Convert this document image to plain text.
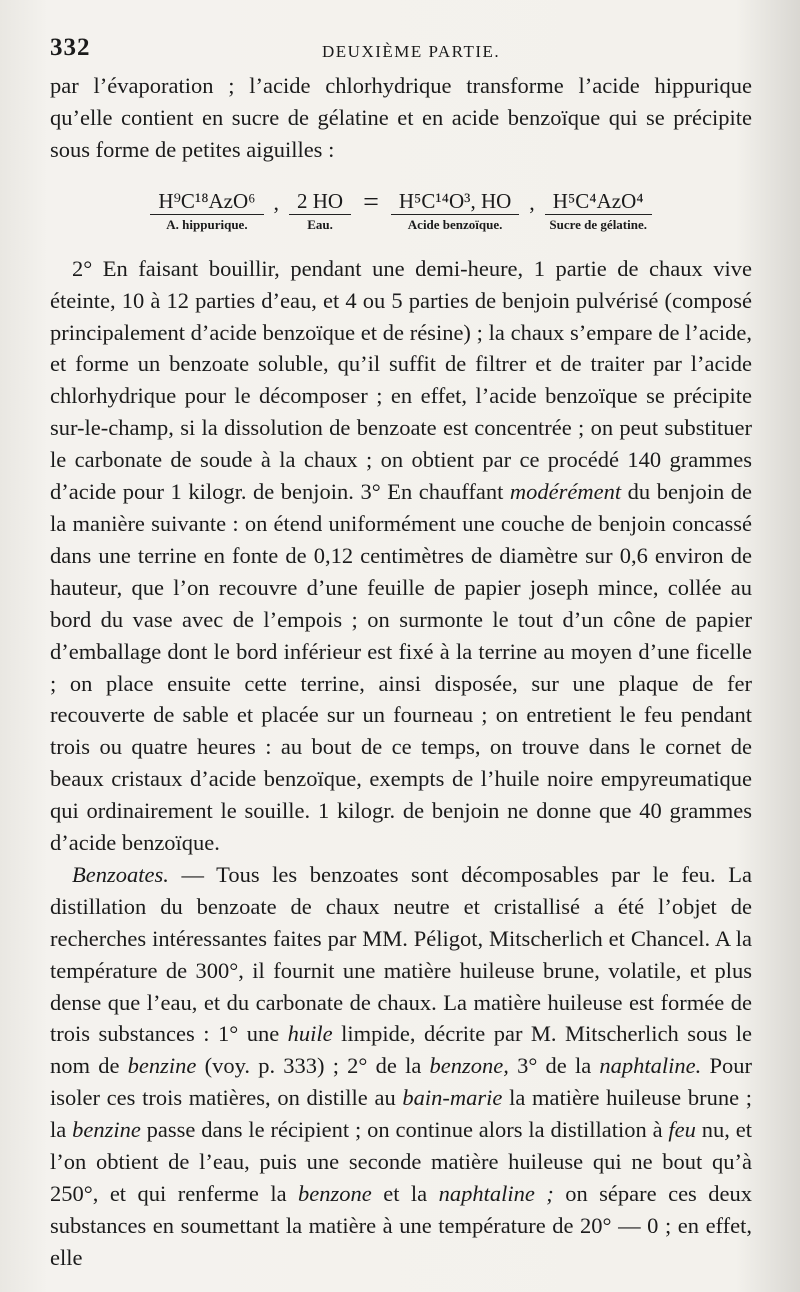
332	DEUXIÈME PARTIE.

par l’évaporation ; l’acide chlorhydrique transforme l’acide hippurique qu’elle contient en sucre de gélatine et en acide benzoïque qui se précipite sous forme de petites aiguilles :

$\frac{\text{H⁹C¹⁸AzO⁶}}{\text{A. hippurique.}}$ , $\frac{2 HO}{\text{Eau.}} = \frac{\text{H⁵C¹⁴O³, HO}}{\text{Acide benzoïque.}}$ , $\frac{\text{H⁵C⁴AzO⁴}}{\text{Sucre de gélatine.}}$

2° En faisant bouillir, pendant une demi-heure, 1 partie de chaux vive éteinte, 10 à 12 parties d’eau, et 4 ou 5 parties de benjoin pulvérisé (composé principalement d’acide benzoïque et de résine) ; la chaux s’empare de l’acide, et forme un benzoate soluble, qu’il suffit de filtrer et de traiter par l’acide chlorhydrique pour le décomposer ; en effet, l’acide benzoïque se précipite sur-le-champ, si la dissolution de benzoate est concentrée ; on peut substituer le carbonate de soude à la chaux ; on obtient par ce procédé 140 grammes d’acide pour 1 kilogr. de benjoin. 3° En chauffant modérément du benjoin de la manière suivante : on étend uniformément une couche de benjoin concassé dans une terrine en fonte de 0,12 centimètres de diamètre sur 0,6 environ de hauteur, que l’on recouvre d’une feuille de papier joseph mince, collée au bord du vase avec de l’empois ; on surmonte le tout d’un cône de papier d’emballage dont le bord inférieur est fixé à la terrine au moyen d’une ficelle ; on place ensuite cette terrine, ainsi disposée, sur une plaque de fer recouverte de sable et placée sur un fourneau ; on entretient le feu pendant trois ou quatre heures : au bout de ce temps, on trouve dans le cornet de beaux cristaux d’acide benzoïque, exempts de l’huile noire empyreumatique qui ordinairement le souille. 1 kilogr. de benjoin ne donne que 40 grammes d’acide benzoïque.

Benzoates. — Tous les benzoates sont décomposables par le feu. La distillation du benzoate de chaux neutre et cristallisé a été l’objet de recherches intéressantes faites par MM. Péligot, Mitscherlich et Chancel. A la température de 300°, il fournit une matière huileuse brune, volatile, et plus dense que l’eau, et du carbonate de chaux. La matière huileuse est formée de trois substances : 1° une huile limpide, décrite par M. Mitscherlich sous le nom de benzine (voy. p. 333) ; 2° de la benzone, 3° de la naphtaline. Pour isoler ces trois matières, on distille au bain-marie la matière huileuse brune ; la benzine passe dans le récipient ; on continue alors la distillation à feu nu, et l’on obtient de l’eau, puis une seconde matière huileuse qui ne bout qu’à 250°, et qui renferme la benzone et la naphtaline ; on sépare ces deux substances en soumettant la matière à une température de 20° — 0 ; en effet, elle
